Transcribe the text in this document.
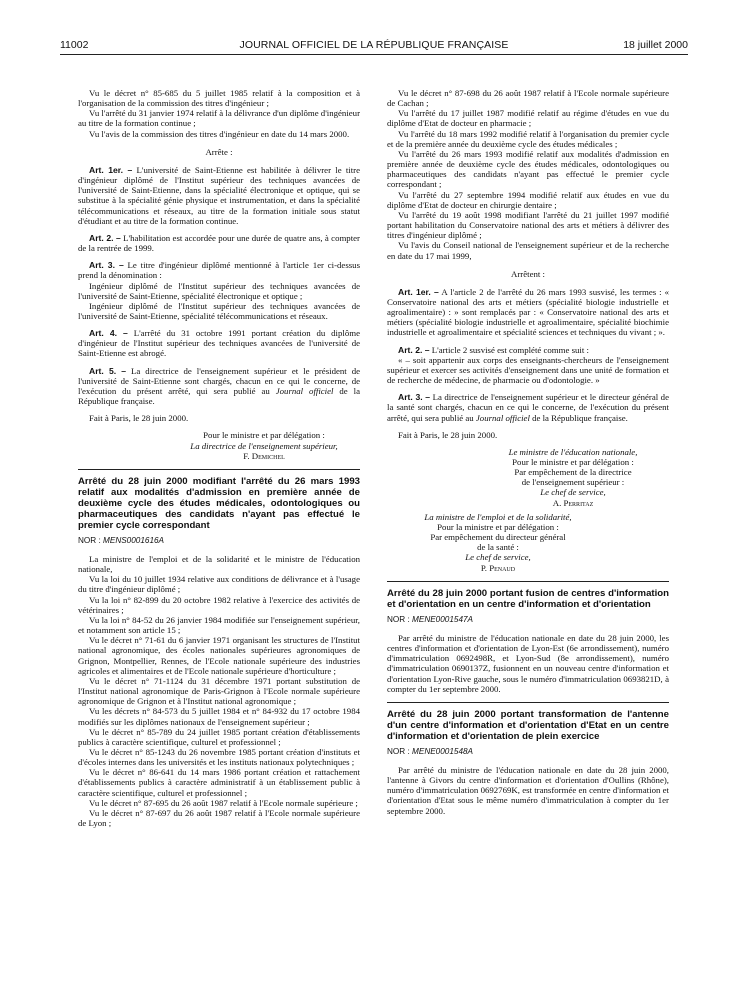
JOURNAL OFFICIEL DE LA RÉPUBLIQUE FRANÇAISE
11002	18 juillet 2000

Vu le décret n° 85-685 du 5 juillet 1985 relatif à la composition et à l'organisation de la commission des titres d'ingénieur ;

Vu l'arrêté du 31 janvier 1974 relatif à la délivrance d'un diplôme d'ingénieur au titre de la formation continue ;

Vu l'avis de la commission des titres d'ingénieur en date du 14 mars 2000.

Arrête :

Art. 1er. – L'université de Saint-Etienne est habilitée à délivrer le titre d'ingénieur diplômé de l'Institut supérieur des techniques avancées de l'université de Saint-Etienne, dans la spécialité électronique et optique, qui se substitue à la spécialité génie physique et instrumentation, et dans la spécialité télécommunications et réseaux, au titre de la formation initiale sous statut d'étudiant et au titre de la formation continue.

Art. 2. – L'habilitation est accordée pour une durée de quatre ans, à compter de la rentrée de 1999.

Art. 3. – Le titre d'ingénieur diplômé mentionné à l'article 1er ci-dessus prend la dénomination :

Ingénieur diplômé de l'Institut supérieur des techniques avancées de l'université de Saint-Etienne, spécialité électronique et optique ;

Ingénieur diplômé de l'Institut supérieur des techniques avancées de l'université de Saint-Etienne, spécialité télécommunications et réseaux.

Art. 4. – L'arrêté du 31 octobre 1991 portant création du diplôme d'ingénieur de l'Institut supérieur des techniques avancées de l'université de Saint-Etienne est abrogé.

Art. 5. – La directrice de l'enseignement supérieur et le président de l'université de Saint-Etienne sont chargés, chacun en ce qui le concerne, de l'exécution du présent arrêté, qui sera publié au Journal officiel de la République française.

Fait à Paris, le 28 juin 2000.

Pour le ministre et par délégation :
La directrice de l'enseignement supérieur,
F. Demichel

Arrêté du 28 juin 2000 modifiant l'arrêté du 26 mars 1993 relatif aux modalités d'admission en première année de deuxième cycle des études médicales, odontologiques ou pharmaceutiques des candidats n'ayant pas effectué le premier cycle correspondant

NOR : MENS0001616A

La ministre de l'emploi et de la solidarité et le ministre de l'éducation nationale,

Vu la loi du 10 juillet 1934 relative aux conditions de délivrance et à l'usage du titre d'ingénieur diplômé ;

Vu la loi n° 82-899 du 20 octobre 1982 relative à l'exercice des activités de vétérinaires ;

Vu la loi n° 84-52 du 26 janvier 1984 modifiée sur l'enseignement supérieur, et notamment son article 15 ;

Vu le décret n° 71-61 du 6 janvier 1971 organisant les structures de l'Institut national agronomique, des écoles nationales supérieures agronomiques de Grignon, Montpellier, Rennes, de l'Ecole nationale supérieure des industries agricoles et alimentaires et de l'Ecole nationale supérieure d'horticulture ;

Vu le décret n° 71-1124 du 31 décembre 1971 portant substitution de l'Institut national agronomique de Paris-Grignon à l'Ecole normale supérieure agronomique de Grignon et à l'Institut national agronomique ;

Vu les décrets n° 84-573 du 5 juillet 1984 et n° 84-932 du 17 octobre 1984 modifiés sur les diplômes nationaux de l'enseignement supérieur ;

Vu le décret n° 85-789 du 24 juillet 1985 portant création d'établissements publics à caractère scientifique, culturel et professionnel ;

Vu le décret n° 85-1243 du 26 novembre 1985 portant création d'instituts et d'écoles internes dans les universités et les instituts nationaux polytechniques ;

Vu le décret n° 86-641 du 14 mars 1986 portant création et rattachement d'établissements publics à caractère administratif à un établissement public à caractère scientifique, culturel et professionnel ;

Vu le décret n° 87-695 du 26 août 1987 relatif à l'Ecole normale supérieure ;

Vu le décret n° 87-697 du 26 août 1987 relatif à l'Ecole normale supérieure de Lyon ;

Vu le décret n° 87-698 du 26 août 1987 relatif à l'Ecole normale supérieure de Cachan ;

Vu l'arrêté du 17 juillet 1987 modifié relatif au régime d'études en vue du diplôme d'Etat de docteur en pharmacie ;

Vu l'arrêté du 18 mars 1992 modifié relatif à l'organisation du premier cycle et de la première année du deuxième cycle des études médicales ;

Vu l'arrêté du 26 mars 1993 modifié relatif aux modalités d'admission en première année de deuxième cycle des études médicales, odontologiques ou pharmaceutiques des candidats n'ayant pas effectué le premier cycle correspondant ;

Vu l'arrêté du 27 septembre 1994 modifié relatif aux études en vue du diplôme d'Etat de docteur en chirurgie dentaire ;

Vu l'arrêté du 19 août 1998 modifiant l'arrêté du 21 juillet 1997 modifié portant habilitation du Conservatoire national des arts et métiers à délivrer des titres d'ingénieur diplômé ;

Vu l'avis du Conseil national de l'enseignement supérieur et de la recherche en date du 17 mai 1999,

Arrêtent :

Art. 1er. – A l'article 2 de l'arrêté du 26 mars 1993 susvisé, les termes : « Conservatoire national des arts et métiers (spécialité biologie industrielle et agroalimentaire) : » sont remplacés par : « Conservatoire national des arts et métiers (spécialité biologie industrielle et agroalimentaire, spécialité biochimie industrielle et agroalimentaire et spécialité sciences et techniques du vivant ; ».

Art. 2. – L'article 2 susvisé est complété comme suit :

« – soit appartenir aux corps des enseignants-chercheurs de l'enseignement supérieur et exercer ses activités d'enseignement dans une unité de formation et de recherche de médecine, de pharmacie ou d'odontologie. »

Art. 3. – La directrice de l'enseignement supérieur et le directeur général de la santé sont chargés, chacun en ce qui le concerne, de l'exécution du présent arrêté, qui sera publié au Journal officiel de la République française.

Fait à Paris, le 28 juin 2000.

Le ministre de l'éducation nationale,
Pour le ministre et par délégation :
Par empêchement de la directrice
de l'enseignement supérieur :
Le chef de service,
A. Perritaz
La ministre de l'emploi et de la solidarité,
Pour la ministre et par délégation :
Par empêchement du directeur général
de la santé :
Le chef de service,
P. Penaud

Arrêté du 28 juin 2000 portant fusion de centres d'information et d'orientation en un centre d'information et d'orientation

NOR : MENE0001547A

Par arrêté du ministre de l'éducation nationale en date du 28 juin 2000, les centres d'information et d'orientation de Lyon-Est (6e arrondissement), numéro d'immatriculation 0692498R, et Lyon-Sud (8e arrondissement), numéro d'immatriculation 0690137Z, fusionnent en un nouveau centre d'information et d'orientation Lyon-Rive gauche, sous le numéro d'immatriculation 0693821D, à compter du 1er septembre 2000.

Arrêté du 28 juin 2000 portant transformation de l'antenne d'un centre d'information et d'orientation d'Etat en un centre d'information et d'orientation de plein exercice

NOR : MENE0001548A

Par arrêté du ministre de l'éducation nationale en date du 28 juin 2000, l'antenne à Givors du centre d'information et d'orientation d'Oullins (Rhône), numéro d'immatriculation 0692769K, est transformée en centre d'information et d'orientation d'Etat sous le même numéro d'immatriculation à compter du 1er septembre 2000.
